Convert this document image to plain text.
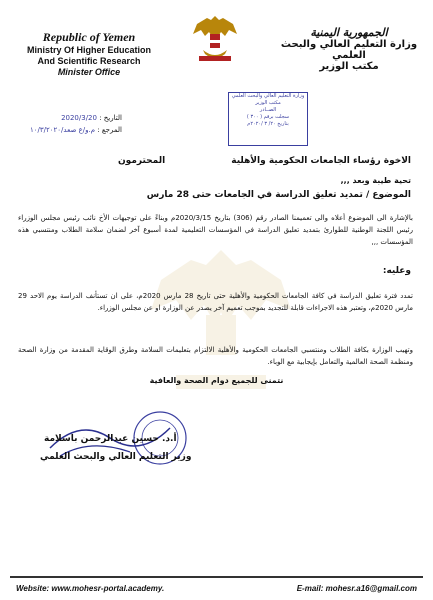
Republic of Yemen
Ministry Of Higher Education
And Scientific Research
Minister Office
الجمهورية اليمنية
وزارة التعليم العالي والبحث العلمي
مكتب الوزير
وزارة التعليم العالي والبحث العلمي
مكتب الوزير
الصــادر
سجلت برقم ( ٣٠٠ )
بتاريخ ٢٠/ ٣ /٢٠٢٠م
التاريخ : 2020/3/20
المرجع : م.و/ع صعد/١٠/٣/٢٠٢٠
الاخوة رؤساء الجامعات الحكومية والأهلية
المحترمون
تحية طيبة وبعد ,,,
الموضوع / تمديد تعليق الدراسة في الجامعات حتى 28 مارس
بالإشارة الى الموضوع أعلاه والى تعميمنا الصادر رقم (306) بتاريخ 2020/3/15م وبناءً على توجيهات الأخ نائب رئيس مجلس الوزراء رئيس اللجنة الوطنية للطوارئ بتمديد تعليق الدراسة في المؤسسات التعليمية لمدة أسبوع آخر لضمان سلامة الطلاب ومنتسبي هذه المؤسسات ,,,
وعليه:
تمدد فترة تعليق الدراسة في كافة الجامعات الحكومية والأهلية حتى تاريخ 28 مارس 2020م، على ان تستأنف الدراسة يوم الاحد 29 مارس 2020م، وتعتبر هذه الاجراءات قابلة للتجديد بموجب تعميم آخر يصدر عن الوزارة او عن مجلس الوزراء.
وتهيب الوزارة بكافة الطلاب ومنتسبي الجامعات الحكومية والأهلية الالتزام بتعليمات السلامة وطرق الوقاية المقدمة من وزارة الصحة ومنظمة الصحة العالمية والتعامل بإيجابية مع الوباء.
نتمنى للجميع دوام الصحة والعافية
أ.د. حسين عبدالرحمن باسلامة
وزير التعليم العالي والبحث العلمي
Website: www.mohesr-portal.academy.	E-mail: mohesr.a16@gmail.com
